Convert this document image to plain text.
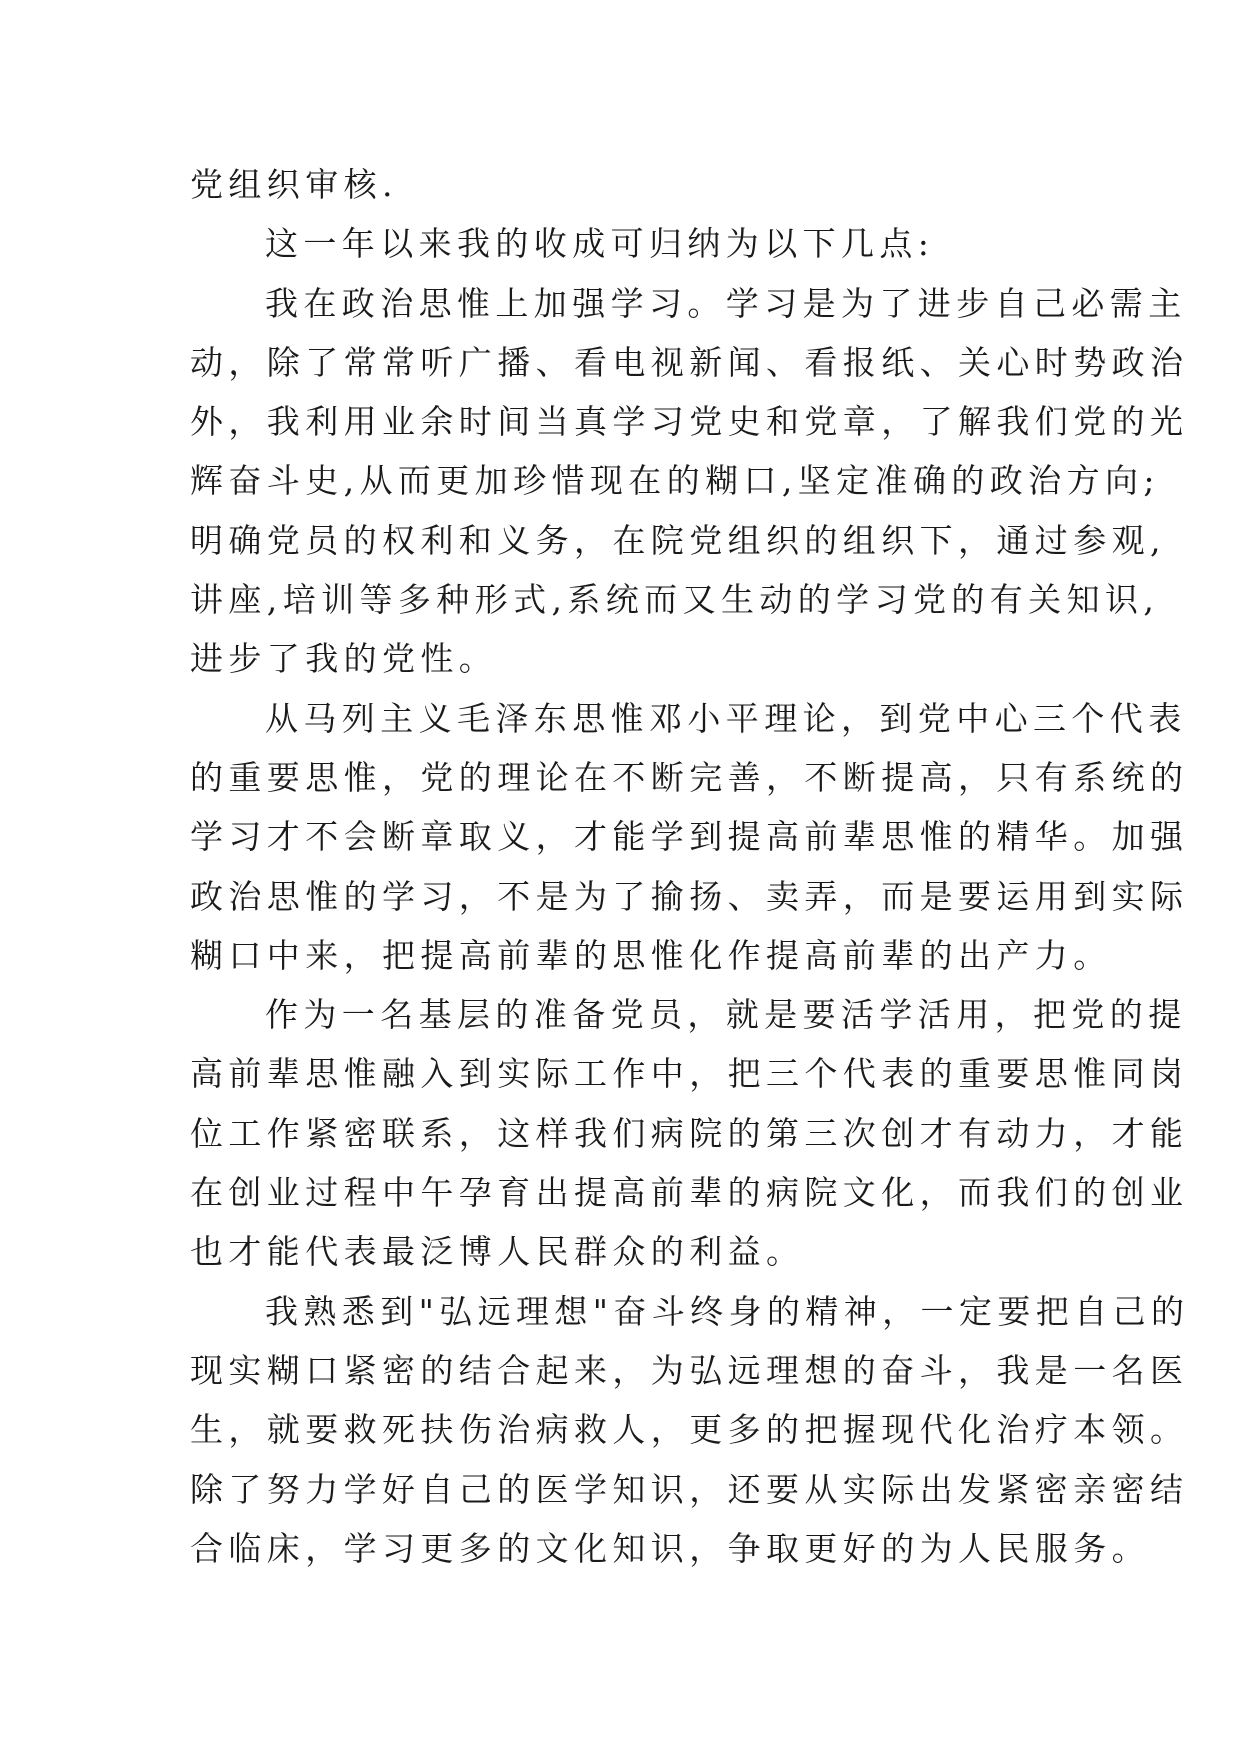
党组织审核.
这一年以来我的收成可归纳为以下几点:
我在政治思惟上加强学习。学习是为了进步自己必需主
动，除了常常听广播、看电视新闻、看报纸、关心时势政治
外，我利用业余时间当真学习党史和党章，了解我们党的光
辉奋斗史,从而更加珍惜现在的糊口,坚定准确的政治方向;
明确党员的权利和义务，在院党组织的组织下，通过参观,
讲座,培训等多种形式,系统而又生动的学习党的有关知识,
进步了我的党性。
从马列主义毛泽东思惟邓小平理论，到党中心三个代表
的重要思惟，党的理论在不断完善，不断提高，只有系统的
学习才不会断章取义，才能学到提高前辈思惟的精华。加强
政治思惟的学习，不是为了揄扬、卖弄，而是要运用到实际
糊口中来，把提高前辈的思惟化作提高前辈的出产力。
作为一名基层的准备党员，就是要活学活用，把党的提
高前辈思惟融入到实际工作中，把三个代表的重要思惟同岗
位工作紧密联系，这样我们病院的第三次创才有动力，才能
在创业过程中午孕育出提高前辈的病院文化，而我们的创业
也才能代表最泛博人民群众的利益。
我熟悉到"弘远理想"奋斗终身的精神，一定要把自己的
现实糊口紧密的结合起来，为弘远理想的奋斗，我是一名医
生，就要救死扶伤治病救人，更多的把握现代化治疗本领。
除了努力学好自己的医学知识，还要从实际出发紧密亲密结
合临床，学习更多的文化知识，争取更好的为人民服务。
